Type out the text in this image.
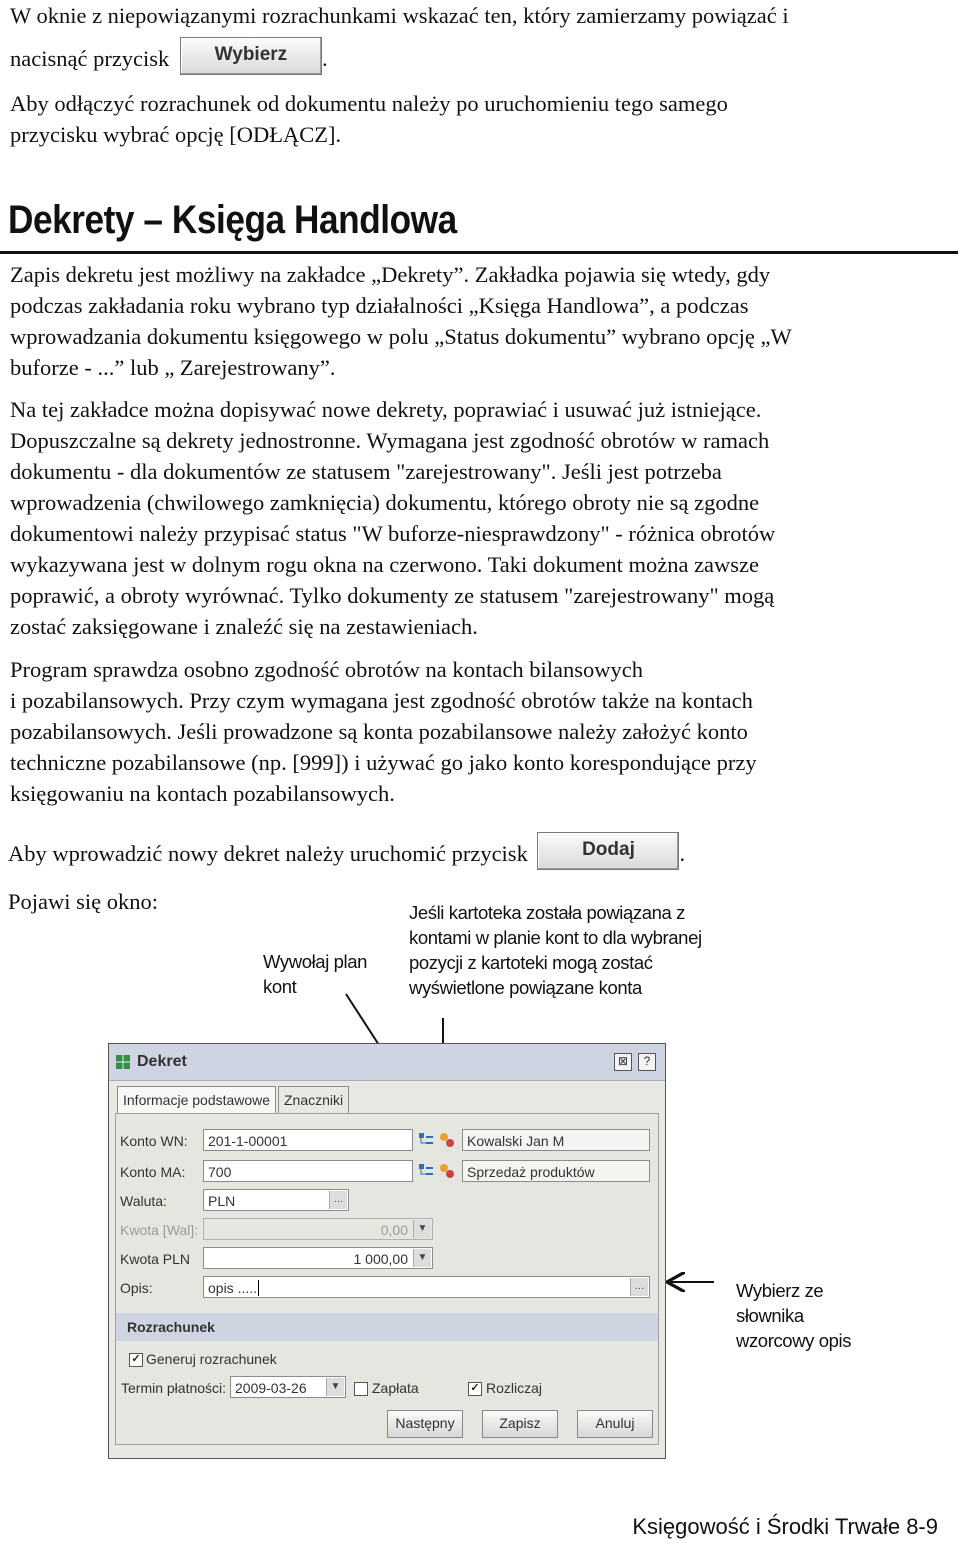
W oknie z niepowiązanymi rozrachunkami wskazać ten, który zamierzamy powiązać i
nacisnąć przycisk Wybierz .
Aby odłączyć rozrachunek od dokumentu należy po uruchomieniu tego samego
przycisku wybrać opcję [ODŁĄCZ].
Dekrety – Księga Handlowa
Zapis dekretu jest możliwy na zakładce „Dekrety”. Zakładka pojawia się wtedy, gdy
podczas zakładania roku wybrano typ działalności „Księga Handlowa”, a podczas
wprowadzania dokumentu księgowego w polu „Status dokumentu” wybrano opcję „W
buforze - ...” lub „ Zarejestrowany”.
Na tej zakładce można dopisywać nowe dekrety, poprawiać i usuwać już istniejące.
Dopuszczalne są dekrety jednostronne. Wymagana jest zgodność obrotów w ramach
dokumentu - dla dokumentów ze statusem "zarejestrowany". Jeśli jest potrzeba
wprowadzenia (chwilowego zamknięcia) dokumentu, którego obroty nie są zgodne
dokumentowi należy przypisać status "W buforze-niesprawdzony" - różnica obrotów
wykazywana jest w dolnym rogu okna na czerwono. Taki dokument można zawsze
poprawić, a obroty wyrównać. Tylko dokumenty ze statusem "zarejestrowany" mogą
zostać zaksięgowane i znaleźć się na zestawieniach.
Program sprawdza osobno zgodność obrotów na kontach bilansowych
i pozabilansowych. Przy czym wymagana jest zgodność obrotów także na kontach
pozabilansowych. Jeśli prowadzone są konta pozabilansowe należy założyć konto
techniczne pozabilansowe (np. [999]) i używać go jako konto korespondujące przy
księgowaniu na kontach pozabilansowych.
Aby wprowadzić nowy dekret należy uruchomić przycisk	Dodaj .
Pojawi się okno:
Wywołaj plan
kont
Jeśli kartoteka została powiązana z
kontami w planie kont to dla wybranej
pozycji z kartoteki mogą zostać
wyświetlone powiązane konta
Wybierz ze
słownika
wzorcowy opis
Dekret	⊠	?
Informacje podstawowe Znaczniki
Konto WN:	201-1-00001	Kowalski Jan M
Konto MA:	700	Sprzedaż produktów
Waluta:	PLN	…
Kwota [Wal]:	0,00 ▼
Kwota PLN	1 000,00 ▼
Opis:	opis .....	…
Rozrachunek
✓ Generuj rozrachunek
Termin płatności: 2009-03-26	▼ Zapłata	✓ Rozliczaj
Następny	Zapisz	Anuluj
Księgowość i Środki Trwałe 8-9
